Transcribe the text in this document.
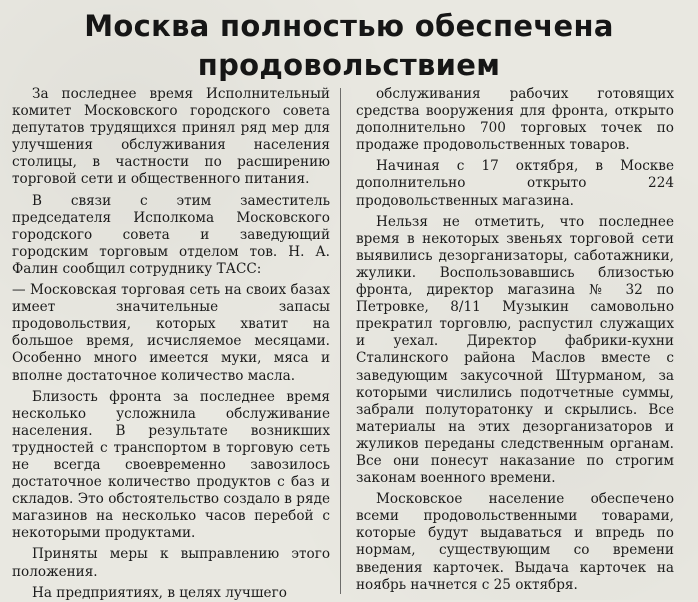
Москва полностью обеспечена
продовольствием

За последнее время Исполнительный комитет Московского городского совета депутатов трудящихся принял ряд мер для улучшения обслуживания населения столицы, в частности по расширению торговой сети и общественного питания.

В связи с этим заместитель председателя Исполкома Московского городского совета и заведующий городским торговым отделом тов. Н. А. Фалин сообщил сотруднику ТАСС:

— Московская торговая сеть на своих базах имеет значительные запасы продовольствия, которых хватит на большое время, исчисляемое месяцами. Особенно много имеется муки, мяса и вполне достаточное количество масла.

Близость фронта за последнее время несколько усложнила обслуживание населения. В результате возникших трудностей с транспортом в торговую сеть не всегда своевременно завозилось достаточное количество продуктов с баз и складов. Это обстоятельство создало в ряде магазинов на несколько часов перебой с некоторыми продуктами.

Приняты меры к выправлению этого положения.

На предприятиях, в целях лучшего

обслуживания рабочих готовящих средства вооружения для фронта, открыто дополнительно 700 торговых точек по продаже продовольственных товаров.

Начиная с 17 октября, в Москве дополнительно открыто 224 продовольственных магазина.

Нельзя не отметить, что последнее время в некоторых звеньях торговой сети выявились дезорганизаторы, саботажники, жулики. Воспользовавшись близостью фронта, директор магазина № 32 по Петровке, 8/11 Музыкин самовольно прекратил торговлю, распустил служащих и уехал. Директор фабрики-кухни Сталинского района Маслов вместе с заведующим закусочной Штурманом, за которыми числились подотчетные суммы, забрали полуторатонку и скрылись. Все материалы на этих дезорганизаторов и жуликов переданы следственным органам. Все они понесут наказание по строгим законам военного времени.

Московское население обеспечено всеми продовольственными товарами, которые будут выдаваться и впредь по нормам, существующим со времени введения карточек. Выдача карточек на ноябрь начнется с 25 октября.
